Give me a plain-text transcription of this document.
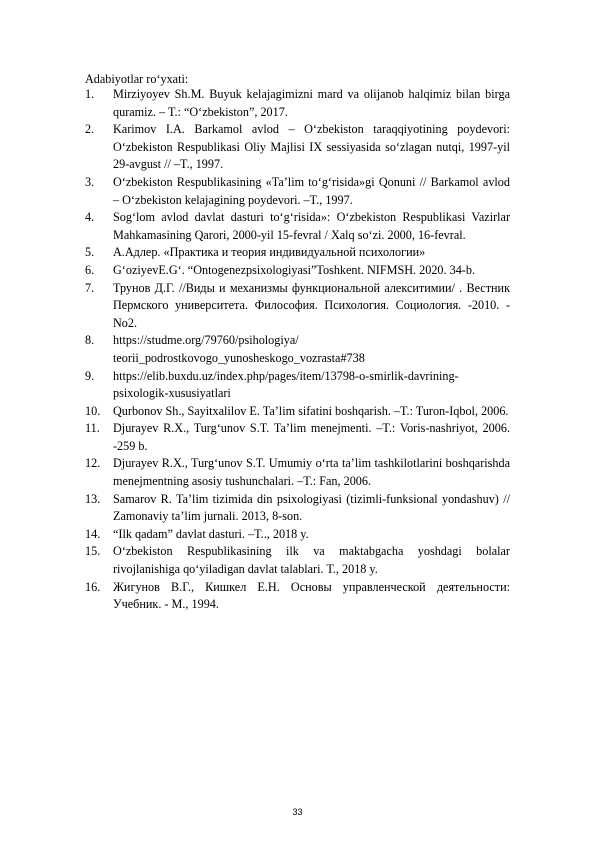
Adabiyotlar ro‘yxati:
1. Mirziyoyev Sh.M. Buyuk kelajagimizni mard va olijanob halqimiz bilan birga quramiz. – T.: “O‘zbekiston”, 2017.
2. Karimov I.A. Barkamol avlod – O‘zbekiston taraqqiyotining poydevori: O‘zbekiston Respublikasi Oliy Majlisi IX sessiyasida so‘zlagan nutqi, 1997-yil 29-avgust // –T., 1997.
3. O‘zbekiston Respublikasining «Ta’lim to‘g‘risida»gi Qonuni // Barkamol avlod – O‘zbekiston kelajagining poydevori. –T., 1997.
4. Sog‘lom avlod davlat dasturi to‘g‘risida»: O‘zbekiston Respublikasi Vazirlar Mahkamasining Qarori, 2000-yil 15-fevral / Xalq so‘zi. 2000, 16-fevral.
5. А.Адлер. «Практика и теория индивидуальной психологии»
6. G‘oziyevE.G‘. “Ontogenezpsixologiyasi”Toshkent. NIFMSH. 2020. 34-b.
7. Трунов Д.Г. //Виды и механизмы функциональной алекситимии/ . Вестник Пермского университета. Философия. Психология. Социология. -2010. -No2.
8. https://studme.org/79760/psihologiya/ teorii_podrostkovogo_yunosheskogo_vozrasta#738
9. https://elib.buxdu.uz/index.php/pages/item/13798-o-smirlik-davrining-psixologik-xususiyatlari
10. Qurbonov Sh., Sayitxalilov E. Ta’lim sifatini boshqarish. –T.: Turon-Iqbol, 2006.
11. Djurayev R.X., Turg‘unov S.T. Ta’lim menejmenti. –T.: Voris-nashriyot, 2006. -259 b.
12. Djurayev R.X., Turg‘unov S.T. Umumiy o‘rta ta’lim tashkilotlarini boshqarishda menejmentning asosiy tushunchalari. –T.: Fan, 2006.
13. Samarov R. Ta’lim tizimida din psixologiyasi (tizimli-funksional yondashuv) // Zamonaviy ta’lim jurnali. 2013, 8-son.
14. “Ilk qadam” davlat dasturi. –T.., 2018 y.
15. O‘zbekiston Respublikasining ilk va maktabgacha yoshdagi bolalar rivojlanishiga qo‘yiladigan davlat talablari. T., 2018 y.
16. Жигунов В.Г., Кишкел Е.Н. Основы управленческой деятельности: Учебник. - М., 1994.
33
